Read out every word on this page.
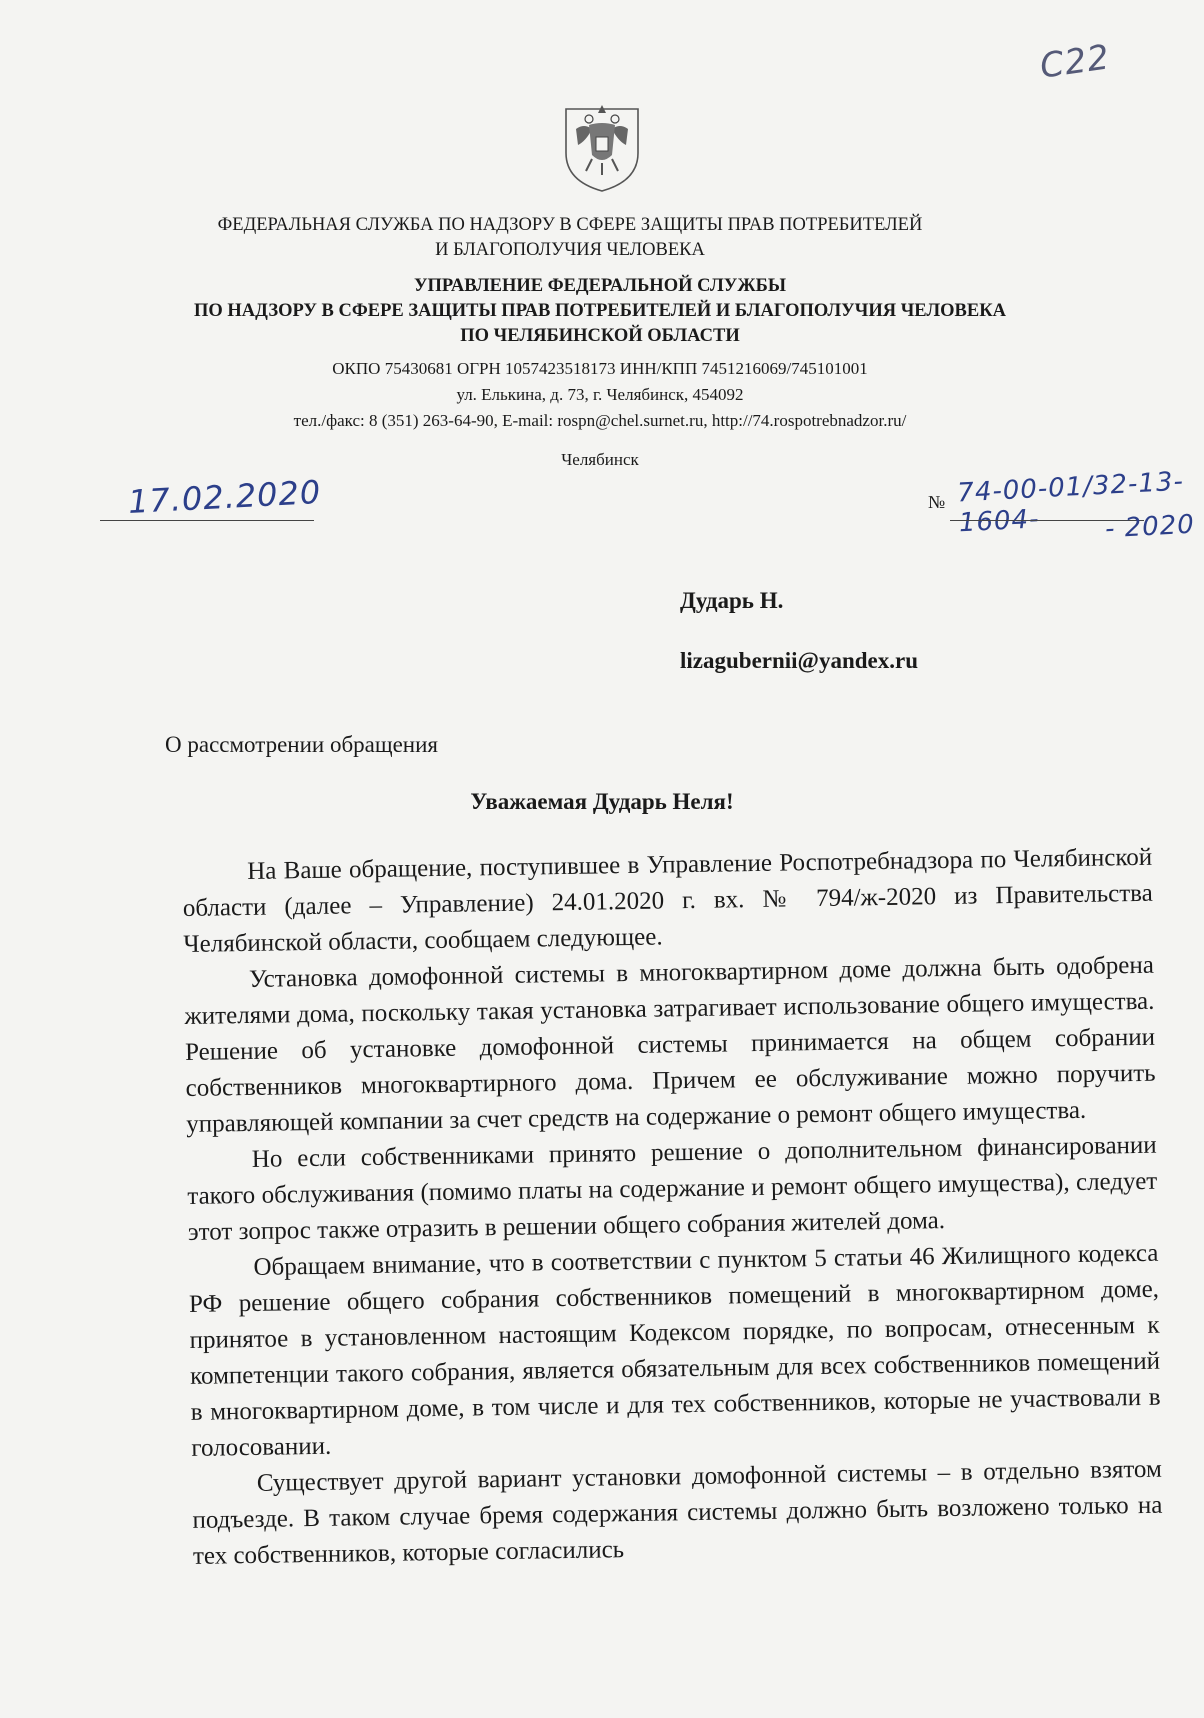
С22
ФЕДЕРАЛЬНАЯ СЛУЖБА ПО НАДЗОРУ В СФЕРЕ ЗАЩИТЫ ПРАВ ПОТРЕБИТЕЛЕЙ
И БЛАГОПОЛУЧИЯ ЧЕЛОВЕКА
УПРАВЛЕНИЕ ФЕДЕРАЛЬНОЙ СЛУЖБЫ
ПО НАДЗОРУ В СФЕРЕ ЗАЩИТЫ ПРАВ ПОТРЕБИТЕЛЕЙ И БЛАГОПОЛУЧИЯ ЧЕЛОВЕКА
ПО ЧЕЛЯБИНСКОЙ ОБЛАСТИ
ОКПО 75430681 ОГРН 1057423518173 ИНН/КПП 7451216069/745101001
ул. Елькина, д. 73, г. Челябинск, 454092
тел./факс: 8 (351) 263-64-90, E-mail: rospn@chel.surnet.ru, http://74.rospotrebnadzor.ru/
Челябинск
17.02.2020	№ 74-00-01/32-13-1604-	- 2020
Дударь Н.
lizagubernii@yandex.ru
О рассмотрении обращения
Уважаемая Дударь Неля!

На Ваше обращение, поступившее в Управление Роспотребнадзора по Челябинской области (далее – Управление) 24.01.2020 г. вх. № 794/ж-2020 из Правительства Челябинской области, сообщаем следующее.

Установка домофонной системы в многоквартирном доме должна быть одобрена жителями дома, поскольку такая установка затрагивает использование общего имущества. Решение об установке домофонной системы принимается на общем собрании собственников многоквартирного дома. Причем ее обслуживание можно поручить управляющей компании за счет средств на содержание о ремонт общего имущества.

Но если собственниками принято решение о дополнительном финансировании такого обслуживания (помимо платы на содержание и ремонт общего имущества), следует этот зопрос также отразить в решении общего собрания жителей дома.

Обращаем внимание, что в соответствии с пунктом 5 статьи 46 Жилищного кодекса РФ решение общего собрания собственников помещений в многоквартирном доме, принятое в установленном настоящим Кодексом порядке, по вопросам, отнесенным к компетенции такого собрания, является обязательным для всех собственников помещений в многоквартирном доме, в том числе и для тех собственников, которые не участвовали в голосовании.

Существует другой вариант установки домофонной системы – в отдельно взятом подъезде. В таком случае бремя содержания системы должно быть возложено только на тех собственников, которые согласились
